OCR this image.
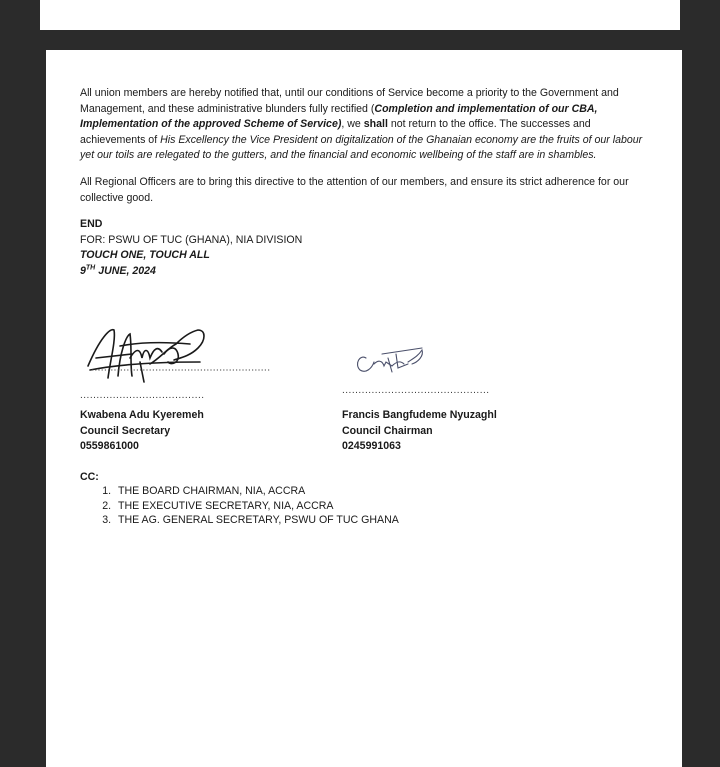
All union members are hereby notified that, until our conditions of Service become a priority to the Government and Management, and these administrative blunders fully rectified (Completion and implementation of our CBA, Implementation of the approved Scheme of Service), we shall not return to the office. The successes and achievements of His Excellency the Vice President on digitalization of the Ghanaian economy are the fruits of our labour yet our toils are relegated to the gutters, and the financial and economic wellbeing of the staff are in shambles.

All Regional Officers are to bring this directive to the attention of our members, and ensure its strict adherence for our collective good.

END
FOR: PSWU OF TUC (GHANA), NIA DIVISION
TOUCH ONE, TOUCH ALL
9TH JUNE, 2024
......................................	.............................................
Kwabena Adu Kyeremeh
Council Secretary
0559861000
Francis Bangfudeme Nyuzaghl
Council Chairman
0245991063
CC:
1. THE BOARD CHAIRMAN, NIA, ACCRA
2. THE EXECUTIVE SECRETARY, NIA, ACCRA
3. THE AG. GENERAL SECRETARY, PSWU OF TUC GHANA
